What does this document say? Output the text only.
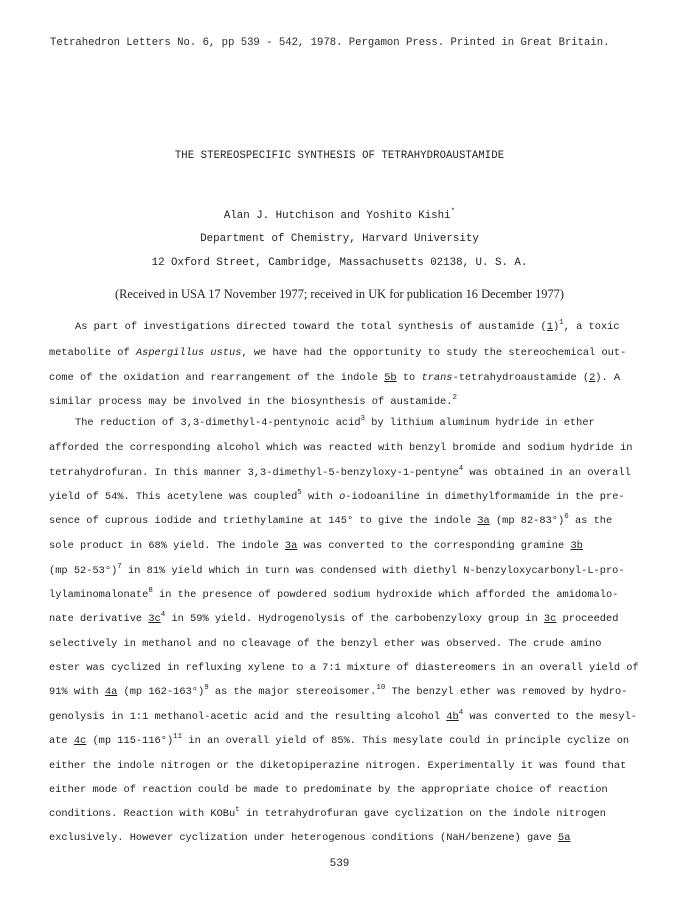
Tetrahedron Letters No. 6, pp 539 - 542, 1978. Pergamon Press. Printed in Great Britain.
THE STEREOSPECIFIC SYNTHESIS OF TETRAHYDROAUSTAMIDE
Alan J. Hutchison and Yoshito Kishi*
Department of Chemistry, Harvard University
12 Oxford Street, Cambridge, Massachusetts 02138, U. S. A.
(Received in USA 17 November 1977; received in UK for publication 16 December 1977)
As part of investigations directed toward the total synthesis of austamide $(1)^1$, a toxic
metabolite of Aspergillus ustus, we have had the opportunity to study the stereochemical out-
come of the oxidation and rearrangement of the indole 5b to trans-tetrahydroaustamide (2). A
similar process may be involved in the biosynthesis of austamide.$^2$
The reduction of 3,3-dimethyl-4-pentynoic acid$^3$ by lithium aluminum hydride in ether
afforded the corresponding alcohol which was reacted with benzyl bromide and sodium hydride in
tetrahydrofuran. In this manner 3,3-dimethyl-5-benzyloxy-1-pentyne$^4$ was obtained in an overall
yield of 54%. This acetylene was coupled$^5$ with o-iodoaniline in dimethylformamide in the pre-
sence of cuprous iodide and triethylamine at 145° to give the indole 3a (mp 82-83°)$^6$ as the
sole product in 68% yield. The indole 3a was converted to the corresponding gramine 3b
(mp 52-53°)$^7$ in 81% yield which in turn was condensed with diethyl N-benzyloxycarbonyl-L-pro-
lylaminomalonate$^8$ in the presence of powdered sodium hydroxide which afforded the amidomalo-
nate derivative $3c^4$ in 59% yield. Hydrogenolysis of the carbobenzyloxy group in 3c proceeded
selectively in methanol and no cleavage of the benzyl ether was observed. The crude amino
ester was cyclized in refluxing xylene to a 7:1 mixture of diastereomers in an overall yield of
91% with 4a (mp 162-163°)$^9$ as the major stereoisomer.$^{10}$ The benzyl ether was removed by hydro-
genolysis in 1:1 methanol-acetic acid and the resulting alcohol $4b^4$ was converted to the mesyl-
ate 4c (mp 115-116°)$^{11}$ in an overall yield of 85%. This mesylate could in principle cyclize on
either the indole nitrogen or the diketopiperazine nitrogen. Experimentally it was found that
either mode of reaction could be made to predominate by the appropriate choice of reaction
conditions. Reaction with KOBu$^t$ in tetrahydrofuran gave cyclization on the indole nitrogen
exclusively. However cyclization under heterogenous conditions (NaH/benzene) gave 5a
539
